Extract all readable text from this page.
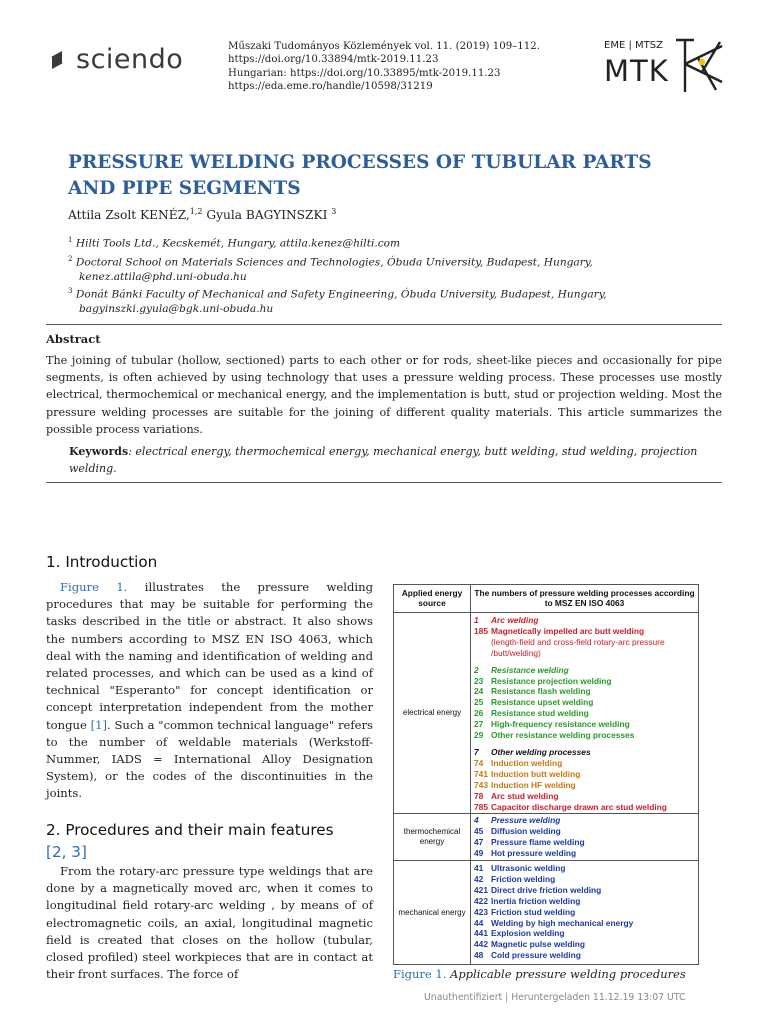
sciendo	Műszaki Tudományos Közlemények vol. 11. (2019) 109–112.
https://doi.org/10.33894/mtk-2019.11.23
Hungarian: https://doi.org/10.33895/mtk-2019.11.23
https://eda.eme.ro/handle/10598/31219
EME | MTSZ
MTK
PRESSURE WELDING PROCESSES OF TUBULAR PARTS
AND PIPE SEGMENTS
Attila Zsolt KENÉZ,$^{1,2}$ Gyula BAGYINSZKI $^3$
$^1$ Hilti Tools Ltd., Kecskemét, Hungary, attila.kenez@hilti.com
$^2$ Doctoral School on Materials Sciences and Technologies, Óbuda University, Budapest, Hungary,
kenez.attila@phd.uni-obuda.hu
$^3$ Donát Bánki Faculty of Mechanical and Safety Engineering, Óbuda University, Budapest, Hungary,
bagyinszki.gyula@bgk.uni-obuda.hu
Abstract
The joining of tubular (hollow, sectioned) parts to each other or for rods, sheet-like pieces and occasionally for pipe segments, is often achieved by using technology that uses a pressure welding process. These processes use mostly electrical, thermochemical or mechanical energy, and the implementation is butt, stud or projection welding. Most the pressure welding processes are suitable for the joining of different quality materials. This article summarizes the possible process variations.
Keywords: electrical energy, thermochemical energy, mechanical energy, butt welding, stud welding, projection welding.
1. Introduction
Figure 1. illustrates the pressure welding procedures that may be suitable for performing the tasks described in the title or abstract. It also shows the numbers according to MSZ EN ISO 4063, which deal with the naming and identification of welding and related processes, and which can be used as a kind of technical "Esperanto" for concept identification or concept interpretation independent from the mother tongue [1]. Such a "common technical language" refers to the number of weldable materials (Werkstoff-Nummer, IADS = International Alloy Designation System), or the codes of the discontinuities in the joints.
2. Procedures and their main features
[2, 3]
From the rotary-arc pressure type weldings that are done by a magnetically moved arc, when it comes to longitudinal field rotary-arc welding , by means of of electromagnetic coils, an axial, longitudinal magnetic field is created that closes on the hollow (tubular, closed profiled) steel workpieces that are in contact at their front surfaces. The force of
Applied energy source
The numbers of pressure welding processes according to MSZ EN ISO 4063
electrical energy
thermochemical energy
mechanical energy
1 Arc welding
185 Magnetically impelled arc butt welding
(length-field and cross-field rotary-arc pressure
/butt/welding)
2 Resistance welding
23 Resistance projection welding
24 Resistance flash welding
25 Resistance upset welding
26 Resistance stud welding
27 High-frequency resistance welding
29 Other resistance welding processes
7 Other welding processes
74 Induction welding
741 Induction butt welding
743 Induction HF welding
78 Arc stud welding
785 Capacitor discharge drawn arc stud welding
4 Pressure welding
45 Diffusion welding
47 Pressure flame welding
49 Hot pressure welding
41 Ultrasonic welding
42 Friction welding
421 Direct drive friction welding
422 Inertia friction welding
423 Friction stud welding
44 Welding by high mechanical energy
441 Explosion welding
442 Magnetic pulse welding
48 Cold pressure welding
Figure 1. Applicable pressure welding procedures
Unauthentifiziert | Heruntergeladen 11.12.19 13:07 UTC
